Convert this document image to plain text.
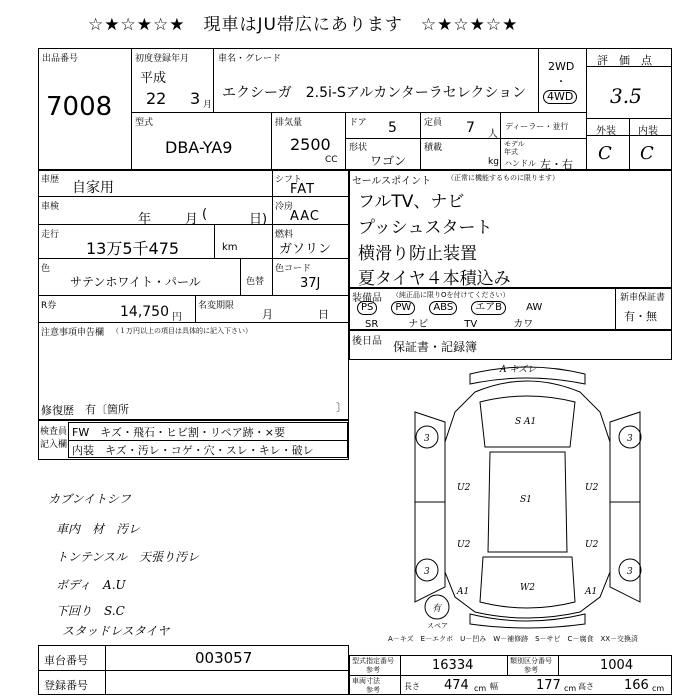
☆★☆★☆★　現車はJU帯広にあります　☆★☆★☆★
出品番号
7008
初度登録年月
平成
22 3 月
車名・グレード
エクシーガ　2.5i-Sアルカンターラセレクション
2WD
・
4WD
評　価　点
3.5
型式
DBA-YA9
排気量
2500
CC
ドア 5	定員 7 人
ディーラー・並行
形状
ワゴン
積載
kg
モデル年式
ハンドル 左・右
外装 内装
C C
車歴 自家用	シフト
FAT
車検
年	月 (	日)
冷房
AAC
走行
13万5千475	km
燃料
ガソリン
色
サテンホワイト・パール	色替
色コード
37J
R券	14,750 円
名変期限
月	日
注意事項申告欄 （１万円以上の項目は具体的に記入下さい）
修復歴 有〔箇所	〕
セールスポイント （正常に機能するものに限ります）
フルTV、ナビ
プッシュスタート
横滑り防止装置
夏タイヤ４本積込み
装備品 （純正品に限りOを付けてください）
PS PW ABS エアB AW
SR	ナビ	TV	カワ
新車保証書
有・無
後日品 保証書・記録簿
検査員
記入欄
FW　キズ・飛石・ヒビ割・リペア跡・×要
内装　キズ・汚レ・コゲ・穴・スレ・キレ・破レ
カブンイトシフ
車内　材　汚レ
トンテンスル　天張り汚レ
ボディ　A.U
下回り　S.C
スタッドレスタイヤ
A キズレ
S A1
U2
S1
U2
U2	U2
A1	W2	A1
3	3
3	3
有
スペア
A－キズ　E－エクボ　U－凹み　W－補修跡　S－サビ　C－腐食　XX－交換済
車台番号	003057
登録番号
型式指定番号
参考	16334	類別区分番号
参考	1004
車両寸法
参考	長さ 474 cm 幅	177 cm 高さ 166 cm
